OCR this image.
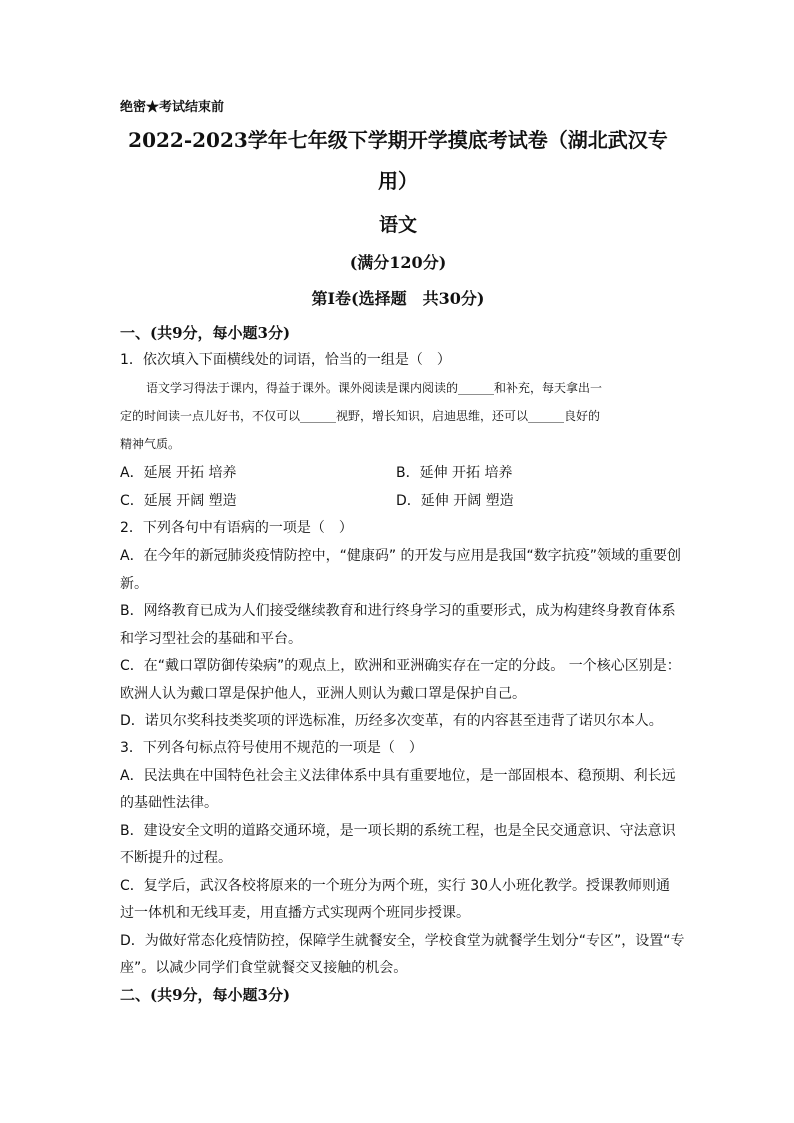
绝密★考试结束前
2022-2023学年七年级下学期开学摸底考试卷（湖北武汉专
用）
语文
(满分120分)
第I卷(选择题　共30分)
一、(共9分，每小题3分)
1．依次填入下面横线处的词语，恰当的一组是（　）
语文学习得法于课内，得益于课外。课外阅读是课内阅读的______和补充，每天拿出一
定的时间读一点儿好书，不仅可以______视野，增长知识，启迪思维，还可以______良好的
精神气质。
A．延展 开拓 培养	B．延伸 开拓 培养
C．延展 开阔 塑造	D．延伸 开阔 塑造
2．下列各句中有语病的一项是（　）
A．在今年的新冠肺炎疫情防控中，“健康码” 的开发与应用是我国“数字抗疫”领域的重要创
新。
B．网络教育已成为人们接受继续教育和进行终身学习的重要形式，成为构建终身教育体系
和学习型社会的基础和平台。
C．在“戴口罩防御传染病”的观点上，欧洲和亚洲确实存在一定的分歧。 一个核心区别是：
欧洲人认为戴口罩是保护他人，亚洲人则认为戴口罩是保护自己。
D．诺贝尔奖科技类奖项的评选标准，历经多次变革，有的内容甚至违背了诺贝尔本人。
3．下列各句标点符号使用不规范的一项是（　）
A．民法典在中国特色社会主义法律体系中具有重要地位，是一部固根本、稳预期、利长远
的基础性法律。
B．建设安全文明的道路交通环境，是一项长期的系统工程，也是全民交通意识、守法意识
不断提升的过程。
C．复学后，武汉各校将原来的一个班分为两个班，实行 30人小班化教学。授课教师则通
过一体机和无线耳麦，用直播方式实现两个班同步授课。
D．为做好常态化疫情防控，保障学生就餐安全，学校食堂为就餐学生划分“专区”，设置“专
座”。以减少同学们食堂就餐交叉接触的机会。
二、(共9分，每小题3分)
